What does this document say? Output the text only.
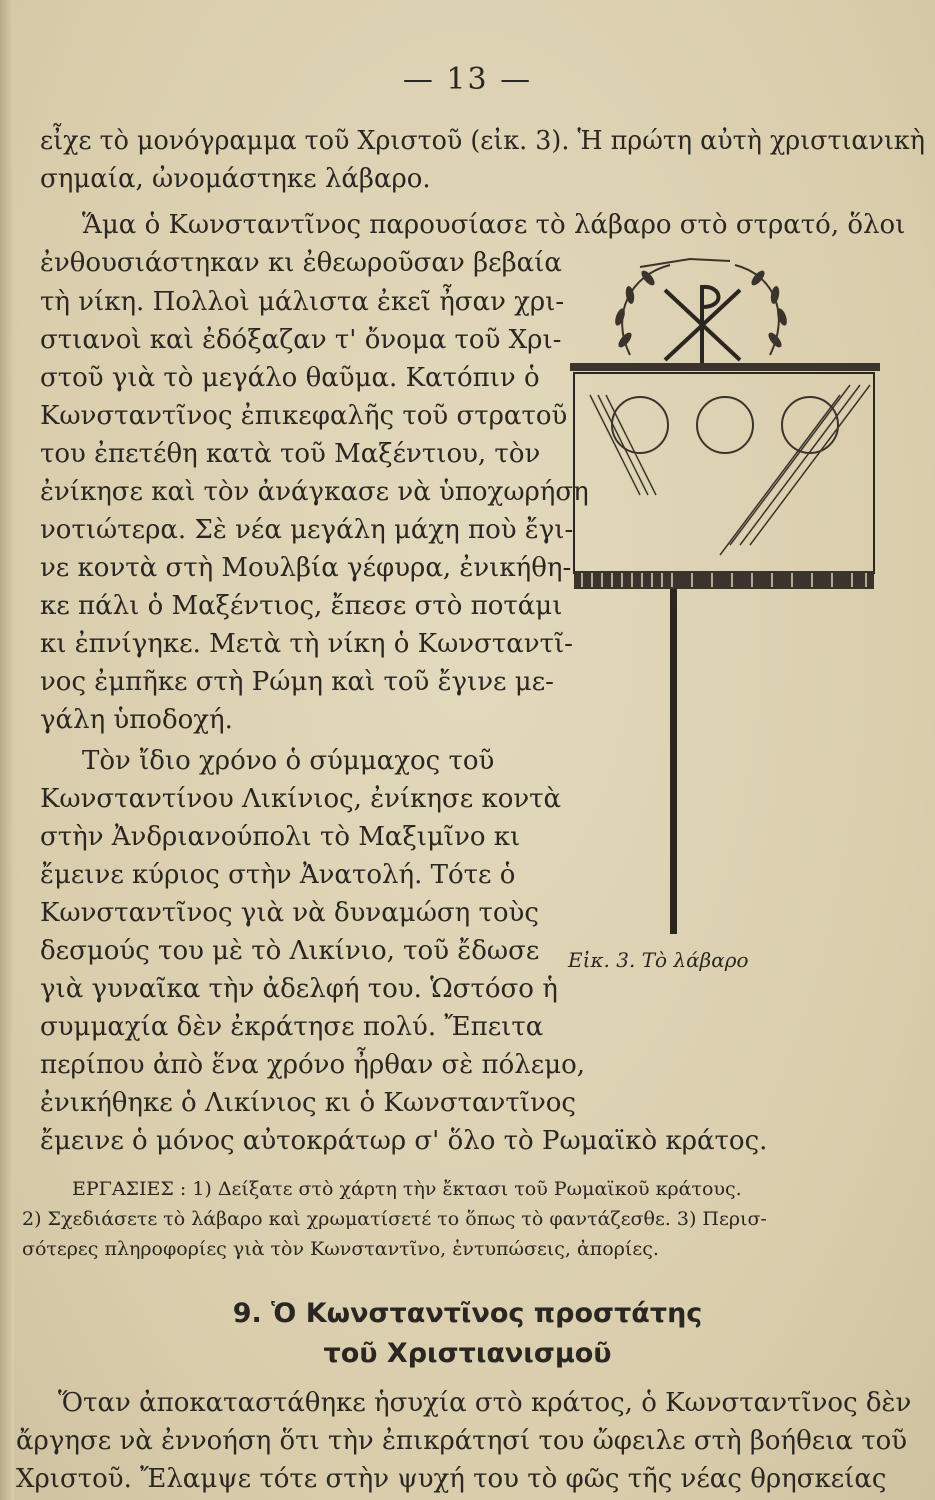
— 13 —
εἶχε τὸ μονόγραμμα τοῦ Χριστοῦ (εἰκ. 3). Ἡ πρώτη αὐτὴ χριστιανικὴ
σημαία, ὠνομάστηκε λάβαρο.
Ἅμα ὁ Κωνσταντῖνος παρουσίασε τὸ λάβαρο στὸ στρατό, ὅλοι
ἐνθουσιάστηκαν κι ἐθεωροῦσαν βεβαία
τὴ νίκη. Πολλοὶ μάλιστα ἐκεῖ ἦσαν χρι-
στιανοὶ καὶ ἐδόξαζαν τ' ὄνομα τοῦ Χρι-
στοῦ γιὰ τὸ μεγάλο θαῦμα. Κατόπιν ὁ
Κωνσταντῖνος ἐπικεφαλῆς τοῦ στρατοῦ
του ἐπετέθη κατὰ τοῦ Μαξέντιου, τὸν
ἐνίκησε καὶ τὸν ἀνάγκασε νὰ ὑποχωρήση
νοτιώτερα. Σὲ νέα μεγάλη μάχη ποὺ ἔγι-
νε κοντὰ στὴ Μουλβία γέφυρα, ἐνικήθη-
κε πάλι ὁ Μαξέντιος, ἔπεσε στὸ ποτάμι
κι ἐπνίγηκε. Μετὰ τὴ νίκη ὁ Κωνσταντῖ-
νος ἐμπῆκε στὴ Ρώμη καὶ τοῦ ἔγινε με-
γάλη ὑποδοχή.
Τὸν ἴδιο χρόνο ὁ σύμμαχος τοῦ
Κωνσταντίνου Λικίνιος, ἐνίκησε κοντὰ
στὴν Ἀνδριανούπολι τὸ Μαξιμῖνο κι
ἔμεινε κύριος στὴν Ἀνατολή. Τότε ὁ
Κωνσταντῖνος γιὰ νὰ δυναμώση τοὺς
δεσμούς του μὲ τὸ Λικίνιο, τοῦ ἔδωσε
γιὰ γυναῖκα τὴν ἀδελφή του. Ὡστόσο ἡ
συμμαχία δὲν ἐκράτησε πολύ. Ἔπειτα
περίπου ἀπὸ ἕνα χρόνο ἦρθαν σὲ πόλεμο,
ἐνικήθηκε ὁ Λικίνιος κι ὁ Κωνσταντῖνος
ἔμεινε ὁ μόνος αὐτοκράτωρ σ' ὅλο τὸ Ρωμαϊκὸ κράτος.
Εἰκ. 3. Τὸ λάβαρο
ΕΡΓΑΣΙΕΣ : 1) Δείξατε στὸ χάρτη τὴν ἔκτασι τοῦ Ρωμαϊκοῦ κράτους.
2) Σχεδιάσετε τὸ λάβαρο καὶ χρωματίσετέ το ὅπως τὸ φαντάζεσθε. 3) Περισ-
σότερες πληροφορίες γιὰ τὸν Κωνσταντῖνο, ἐντυπώσεις, ἀπορίες.
9. Ὁ Κωνσταντῖνος προστάτης
τοῦ Χριστιανισμοῦ
Ὅταν ἀποκαταστάθηκε ἡσυχία στὸ κράτος, ὁ Κωνσταντῖνος δὲν
ἄργησε νὰ ἐννοήση ὅτι τὴν ἐπικράτησί του ὤφειλε στὴ βοήθεια τοῦ
Χριστοῦ. Ἔλαμψε τότε στὴν ψυχή του τὸ φῶς τῆς νέας θρησκείας
